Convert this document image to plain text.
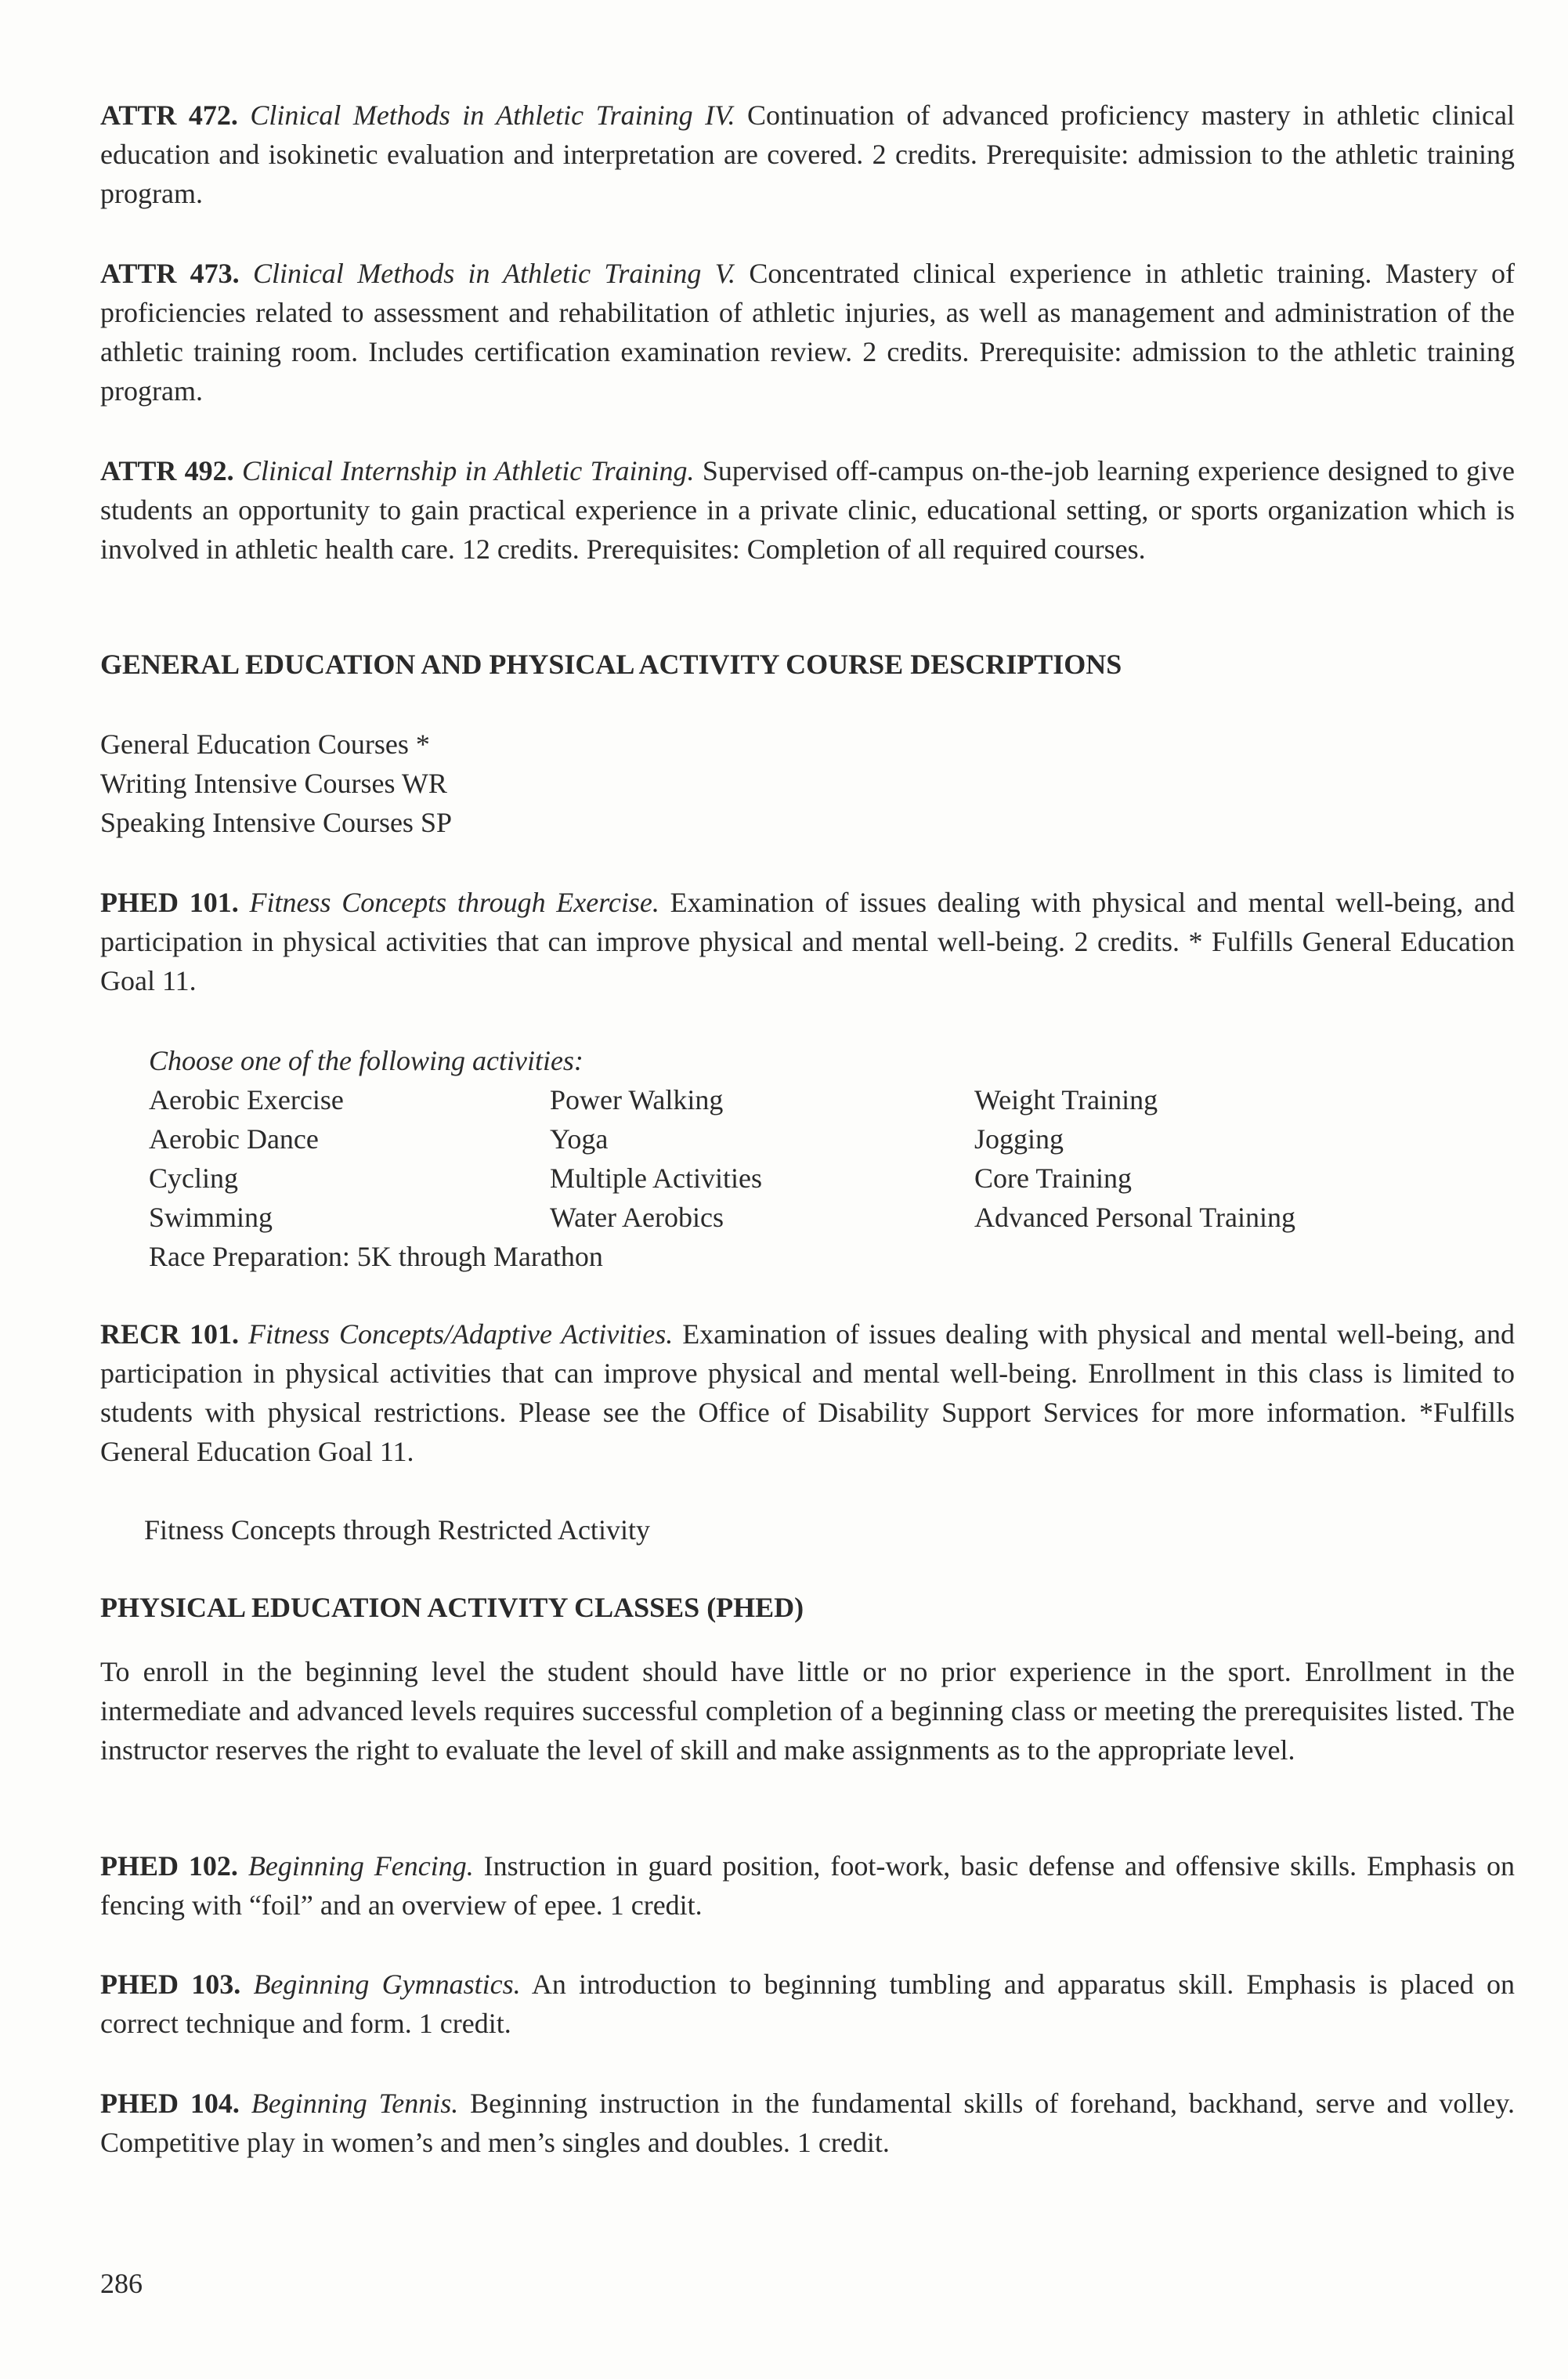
ATTR 472. Clinical Methods in Athletic Training IV. Continuation of advanced proficiency mastery in athletic clinical education and isokinetic evaluation and interpretation are covered. 2 credits. Prerequisite: admission to the athletic training program.
ATTR 473. Clinical Methods in Athletic Training V. Concentrated clinical experience in athletic training. Mastery of proficiencies related to assessment and rehabilitation of athletic injuries, as well as management and administration of the athletic training room. Includes certification examination review. 2 credits. Prerequisite: admission to the athletic training program.
ATTR 492. Clinical Internship in Athletic Training. Supervised off-campus on-the-job learning experience designed to give students an opportunity to gain practical experience in a private clinic, educational setting, or sports organization which is involved in athletic health care. 12 credits. Prerequisites: Completion of all required courses.
GENERAL EDUCATION AND PHYSICAL ACTIVITY COURSE DESCRIPTIONS
General Education Courses *
Writing Intensive Courses WR
Speaking Intensive Courses SP
PHED 101. Fitness Concepts through Exercise. Examination of issues dealing with physical and mental well-being, and participation in physical activities that can improve physical and mental well-being. 2 credits. * Fulfills General Education Goal 11.
Choose one of the following activities:
Aerobic Exercise
Aerobic Dance
Cycling
Swimming
Power Walking
Yoga
Multiple Activities
Water Aerobics
Weight Training
Jogging
Core Training
Advanced Personal Training
Race Preparation: 5K through Marathon
RECR 101. Fitness Concepts/Adaptive Activities. Examination of issues dealing with physical and mental well-being, and participation in physical activities that can improve physical and mental well-being. Enrollment in this class is limited to students with physical restrictions. Please see the Office of Disability Support Services for more information. *Fulfills General Education Goal 11.
Fitness Concepts through Restricted Activity
PHYSICAL EDUCATION ACTIVITY CLASSES (PHED)
To enroll in the beginning level the student should have little or no prior experience in the sport. Enrollment in the intermediate and advanced levels requires successful completion of a beginning class or meeting the prerequisites listed. The instructor reserves the right to evaluate the level of skill and make assignments as to the appropriate level.
PHED 102. Beginning Fencing. Instruction in guard position, foot-work, basic defense and offensive skills. Emphasis on fencing with “foil” and an overview of epee. 1 credit.
PHED 103. Beginning Gymnastics. An introduction to beginning tumbling and apparatus skill. Emphasis is placed on correct technique and form. 1 credit.
PHED 104. Beginning Tennis. Beginning instruction in the fundamental skills of forehand, backhand, serve and volley. Competitive play in women’s and men’s singles and doubles. 1 credit.
286
